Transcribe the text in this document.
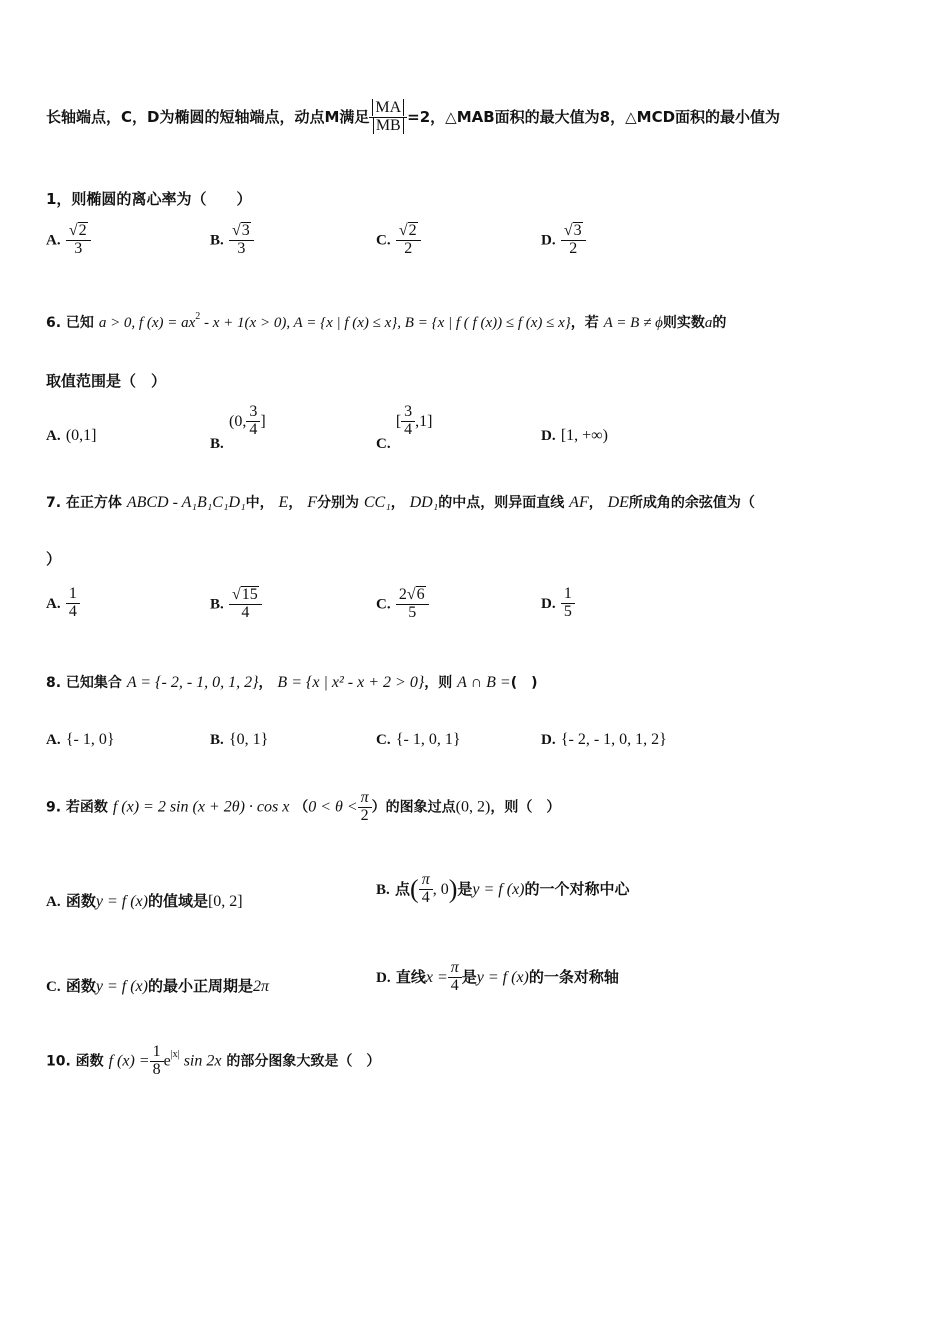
长轴端点，C，D为椭圆的短轴端点，动点M满足 $\frac{MA}{MB} =2$，△MAB面积的最大值为8，△MCD面积的最小值为
1，则椭圆的离心率为（　　）
A. $\frac{√ 2}{3}$	B. $\frac{√ 3}{3}$	C. $\frac{√ 2}{2}$	D. $\frac{√ 3}{2}$
6. 已知 a > 0, f $(x) = ax^2 - x + 1(x > 0)$, A = {x | f (x) ≤ x}, B = {x | f ( f (x)) ≤ f (x) ≤ x}，若 A = B ≠ ϕ则实数a的
取值范围是（　）
A. (0,1]	B. (0, $\frac{3}{4}$ ]
C. [ $\frac{3}{4} ,1$]
D. [1, +∞)
7. 在正方体 ABCD - A₁B₁C₁D₁中， E， F分别为 CC₁， DD₁的中点，则异面直线 AF， DE所成角的余弦值为（
）
A. $\frac{1}{4}$	B. $\frac{√ 15}{4}$	C. $\frac{2 √ 6}{5}$	D. $\frac{1}{5}$
8. 已知集合 A = {- 2, - 1, 0, 1, 2}， B = {x | x² - x + 2 > 0}，则 A ∩ B =(　)
A. {- 1, 0}	B. {0, 1}	C. {- 1, 0, 1}	D. {- 2, - 1, 0, 1, 2}
9. 若函数 f (x) = 2 sin (x + 2θ) · cos x （$0 < \theta < \frac{\pi}{2}$ ）的图象过点(0, 2)，则（　）
A. 函数y = f (x)的值域是[0, 2]
B. 点( $\frac{\pi}{4}$ , 0)是y = f (x)的一个对称中心
C. 函数y = f (x)的最小正周期是2π
D. 直线$x = \frac{\pi}{4}$ 是y = f (x)的一条对称轴
10. 函数 f $(x) = \frac{1}{8} e^{|x|}$ sin 2x 的部分图象大致是（　）
